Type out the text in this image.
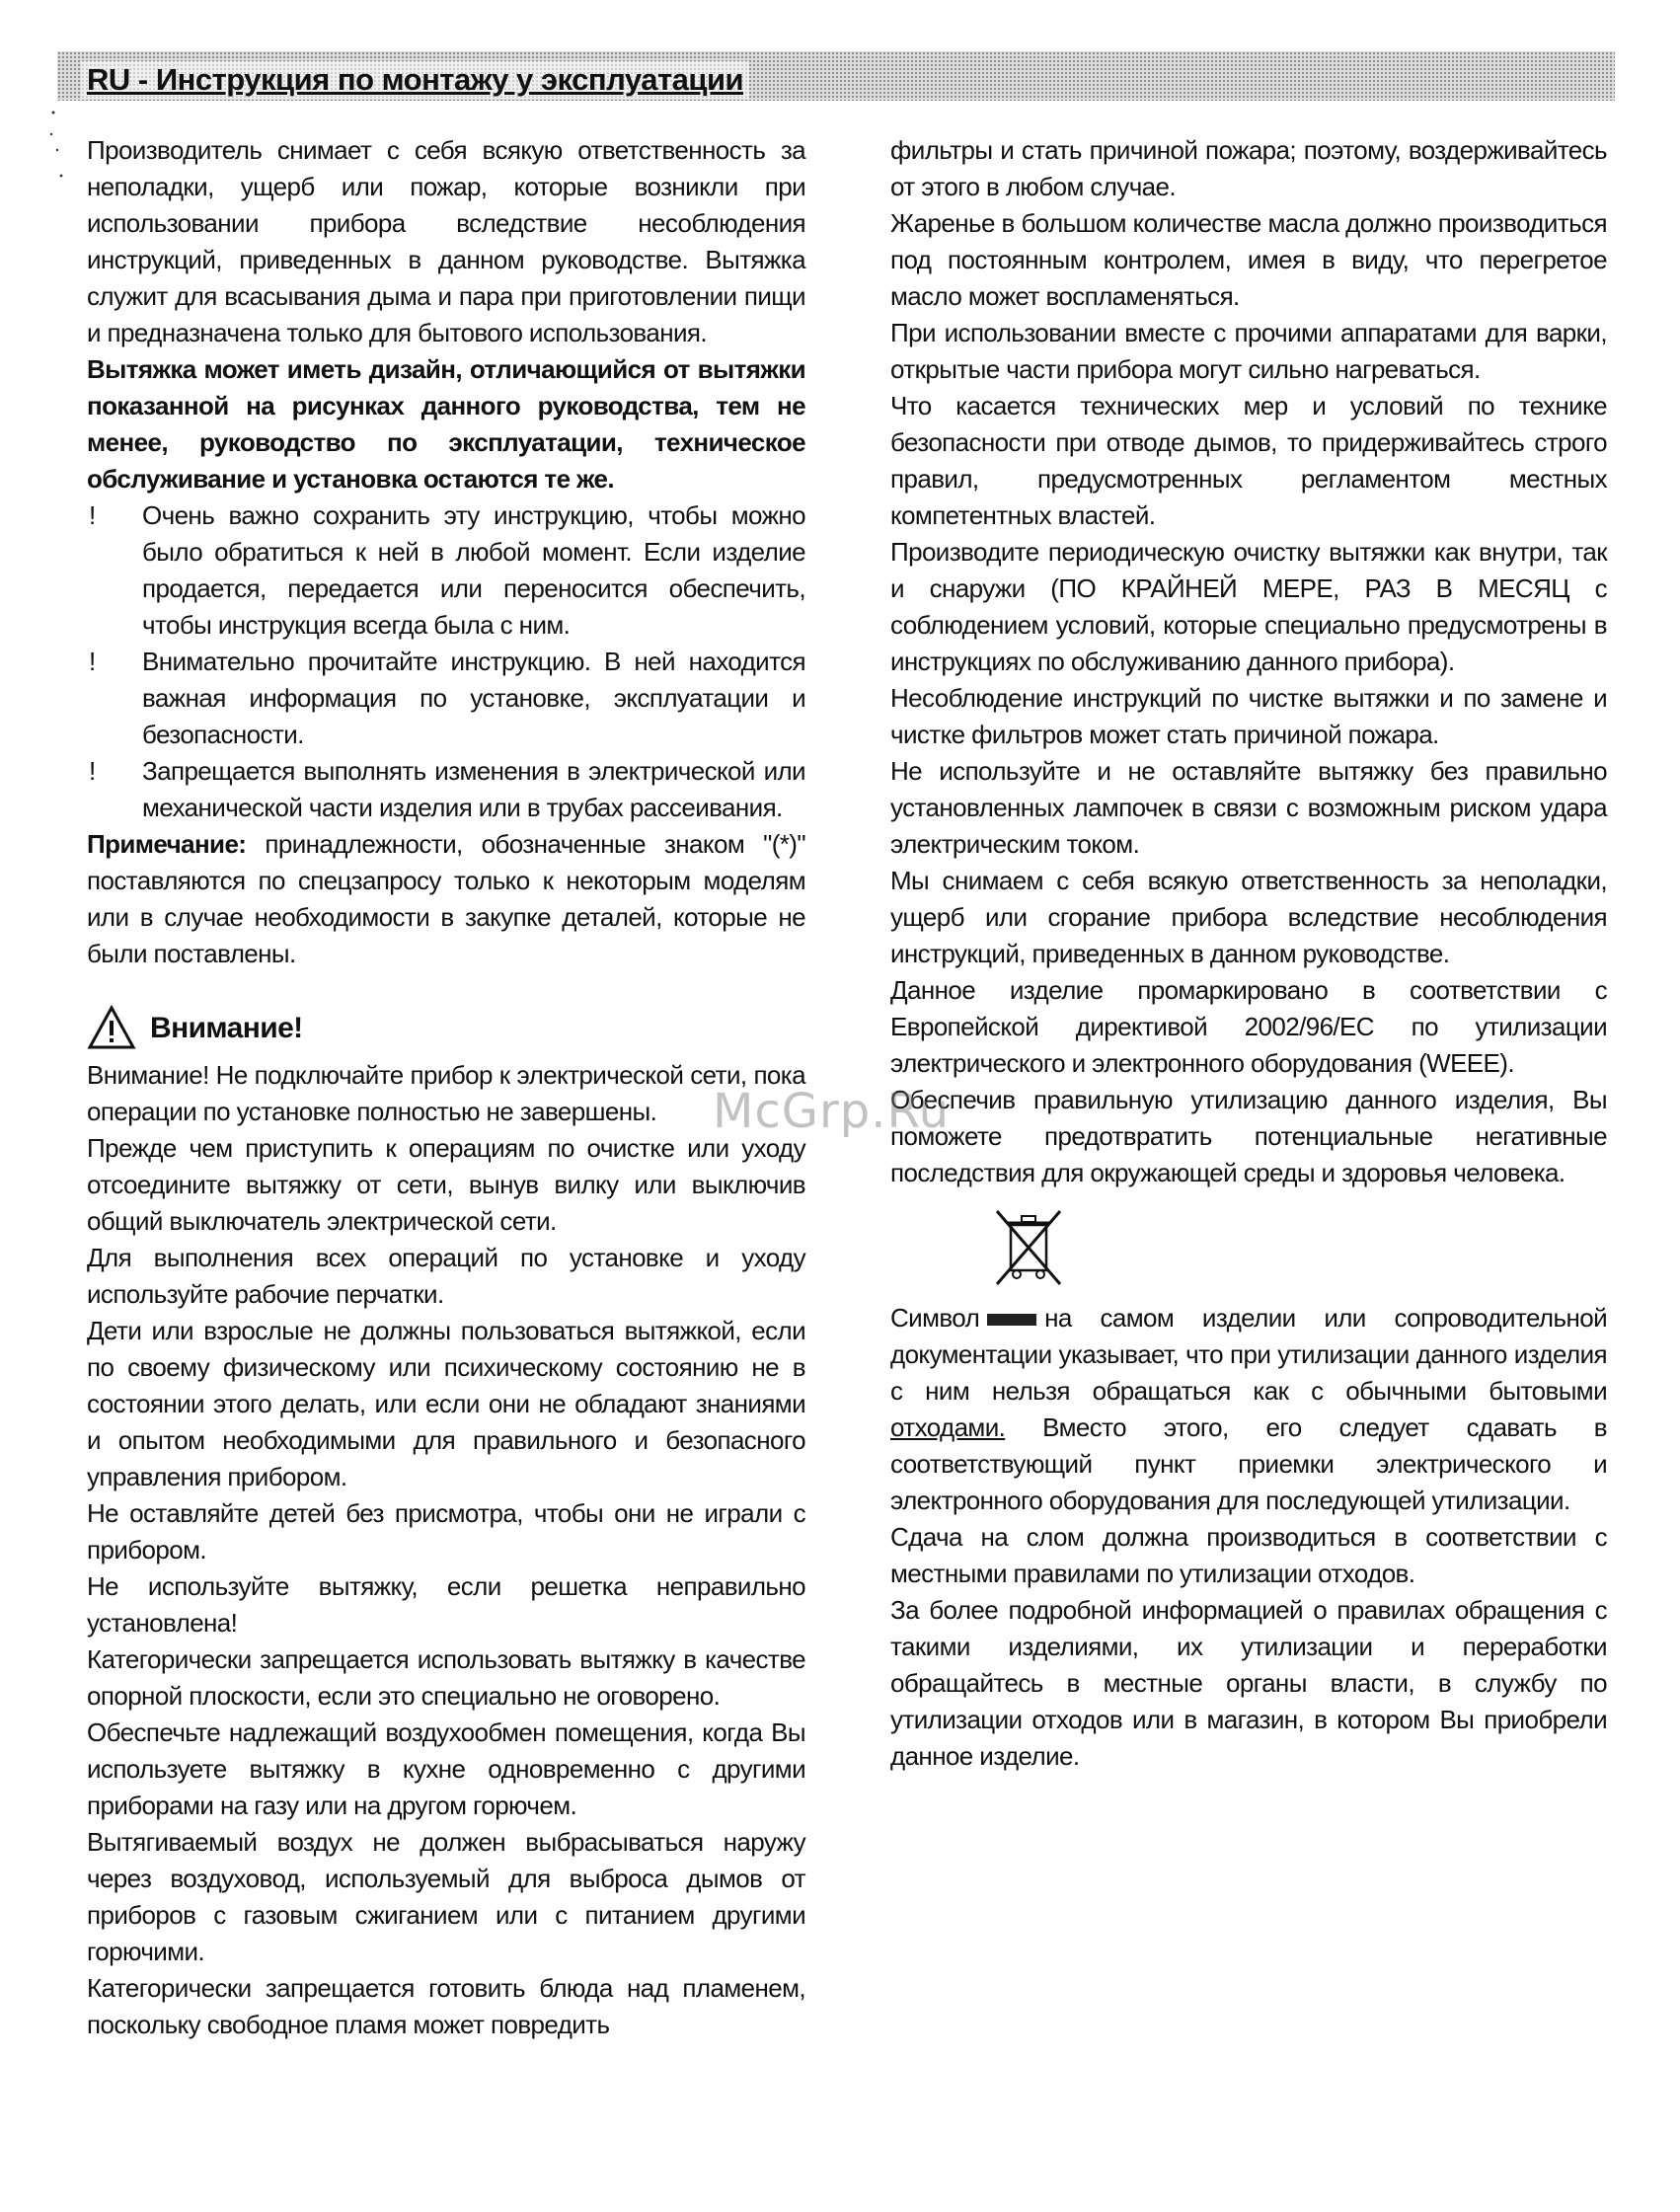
RU - Инструкция по монтажу у эксплуатации

Производитель снимает с себя всякую ответственность за неполадки, ущерб или пожар, которые возникли при использовании прибора вследствие несоблюдения инструкций, приведенных в данном руководстве. Вытяжка служит для всасывания дыма и пара при приготовлении пищи и предназначена только для бытового использования.

Вытяжка может иметь дизайн, отличающийся от вытяжки показанной на рисунках данного руководства, тем не менее, руководство по эксплуатации, техническое обслуживание и установка остаются те же.

!	Очень важно сохранить эту инструкцию, чтобы можно было обратиться к ней в любой момент. Если изделие продается, передается или переносится обеспечить, чтобы инструкция всегда была с ним.

!	Внимательно прочитайте инструкцию. В ней находится важная информация по установке, эксплуатации и безопасности.

!	Запрещается выполнять изменения в электрической или механической части изделия или в трубах рассеивания.

Примечание: принадлежности, обозначенные знаком "(*)" поставляются по спецзапросу только к некоторым моделям или в случае необходимости в закупке деталей, которые не были поставлены.

Внимание!

Внимание! Не подключайте прибор к электрической сети, пока операции по установке полностью не завершены.

Прежде чем приступить к операциям по очистке или уходу отсоедините вытяжку от сети, вынув вилку или выключив общий выключатель электрической сети.

Для выполнения всех операций по установке и уходу используйте рабочие перчатки.

Дети или взрослые не должны пользоваться вытяжкой, если по своему физическому или психическому состоянию не в состоянии этого делать, или если они не обладают знаниями и опытом необходимыми для правильного и безопасного управления прибором.

Не оставляйте детей без присмотра, чтобы они не играли с прибором.

Не используйте вытяжку, если решетка неправильно установлена!

Категорически запрещается использовать вытяжку в качестве опорной плоскости, если это специально не оговорено.

Обеспечьте надлежащий воздухообмен помещения, когда Вы используете вытяжку в кухне одновременно с другими приборами на газу или на другом горючем.

Вытягиваемый воздух не должен выбрасываться наружу через воздуховод, используемый для выброса дымов от приборов с газовым сжиганием или с питанием другими горючими.

Категорически запрещается готовить блюда над пламенем, поскольку свободное пламя может повредить

фильтры и стать причиной пожара; поэтому, воздерживайтесь от этого в любом случае.

Жаренье в большом количестве масла должно производиться под постоянным контролем, имея в виду, что перегретое масло может воспламеняться.

При использовании вместе с прочими аппаратами для варки, открытые части прибора могут сильно нагреваться.

Что касается технических мер и условий по технике безопасности при отводе дымов, то придерживайтесь строго правил, предусмотренных регламентом местных компетентных властей.

Производите периодическую очистку вытяжки как внутри, так и снаружи (ПО КРАЙНЕЙ МЕРЕ, РАЗ В МЕСЯЦ с соблюдением условий, которые специально предусмотрены в инструкциях по обслуживанию данного прибора).

Несоблюдение инструкций по чистке вытяжки и по замене и чистке фильтров может стать причиной пожара.

Не используйте и не оставляйте вытяжку без правильно установленных лампочек в связи с возможным риском удара электрическим током.

Мы снимаем с себя всякую ответственность за неполадки, ущерб или сгорание прибора вследствие несоблюдения инструкций, приведенных в данном руководстве.

Данное изделие промаркировано в соответствии с Европейской директивой 2002/96/ЕС по утилизации электрического и электронного оборудования (WEEE).

Обеспечив правильную утилизацию данного изделия, Вы поможете предотвратить потенциальные негативные последствия для окружающей среды и здоровья человека.

Символ	на самом изделии или сопроводительной документации указывает, что при утилизации данного изделия с ним нельзя обращаться как с обычными бытовыми отходами. Вместо этого, его следует сдавать в соответствующий пункт приемки электрического и электронного оборудования для последующей утилизации.

Сдача на слом должна производиться в соответствии с местными правилами по утилизации отходов.

За более подробной информацией о правилах обращения с такими изделиями, их утилизации и переработки обращайтесь в местные органы власти, в службу по утилизации отходов или в магазин, в котором Вы приобрели данное изделие.

McGrp.Ru
